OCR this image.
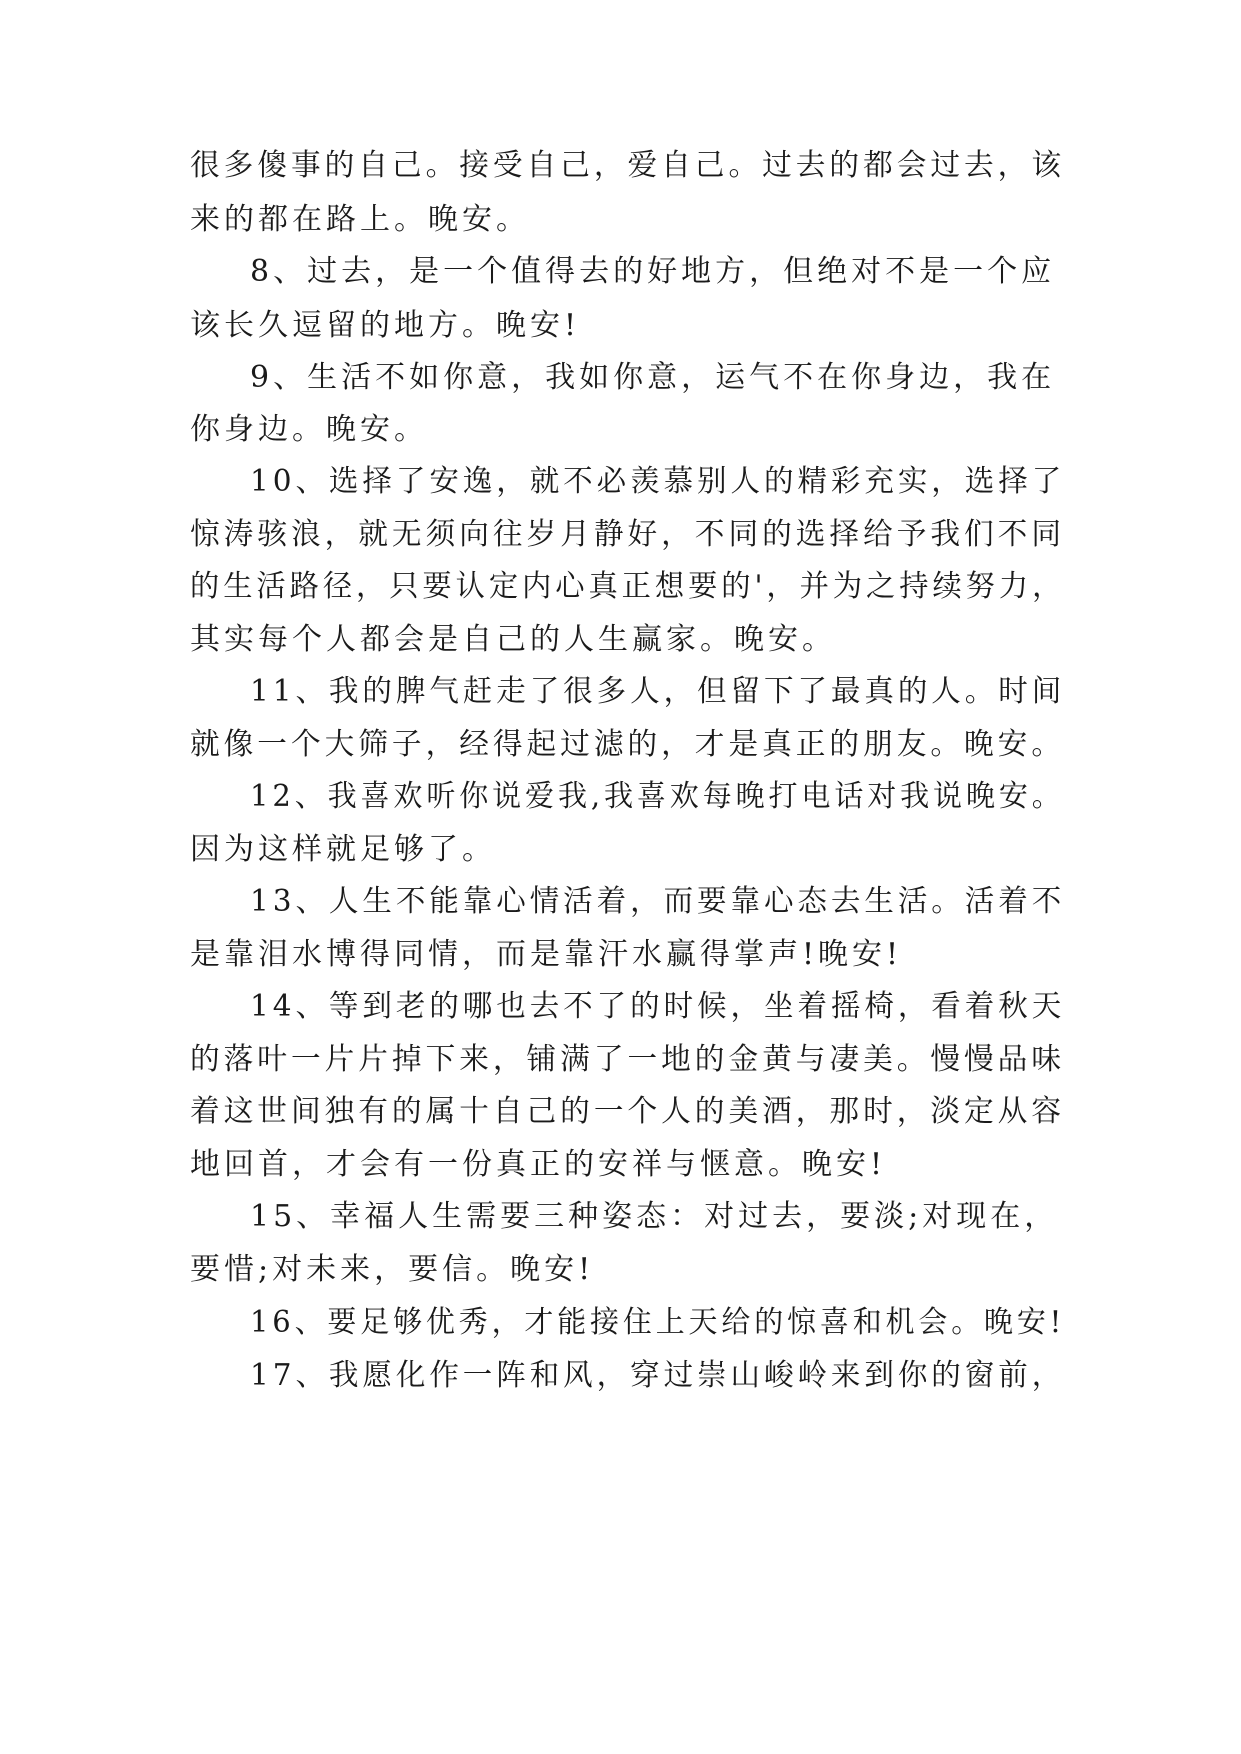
很多傻事的自己。接受自己，爱自己。过去的都会过去，该
来的都在路上。晚安。
8、过去，是一个值得去的好地方，但绝对不是一个应
该长久逗留的地方。晚安!
9、生活不如你意，我如你意，运气不在你身边，我在
你身边。晚安。
10、选择了安逸，就不必羡慕别人的精彩充实，选择了
惊涛骇浪，就无须向往岁月静好，不同的选择给予我们不同
的生活路径，只要认定内心真正想要的'，并为之持续努力，
其实每个人都会是自己的人生赢家。晚安。
11、我的脾气赶走了很多人，但留下了最真的人。时间
就像一个大筛子，经得起过滤的，才是真正的朋友。晚安。
12、我喜欢听你说爱我,我喜欢每晚打电话对我说晚安。
因为这样就足够了。
13、人生不能靠心情活着，而要靠心态去生活。活着不
是靠泪水博得同情，而是靠汗水赢得掌声!晚安!
14、等到老的哪也去不了的时候，坐着摇椅，看着秋天
的落叶一片片掉下来，铺满了一地的金黄与凄美。慢慢品味
着这世间独有的属十自己的一个人的美酒，那时，淡定从容
地回首，才会有一份真正的安祥与惬意。晚安!
15、幸福人生需要三种姿态：对过去，要淡;对现在，
要惜;对未来，要信。晚安!
16、要足够优秀，才能接住上天给的惊喜和机会。晚安!
17、我愿化作一阵和风，穿过崇山峻岭来到你的窗前，
